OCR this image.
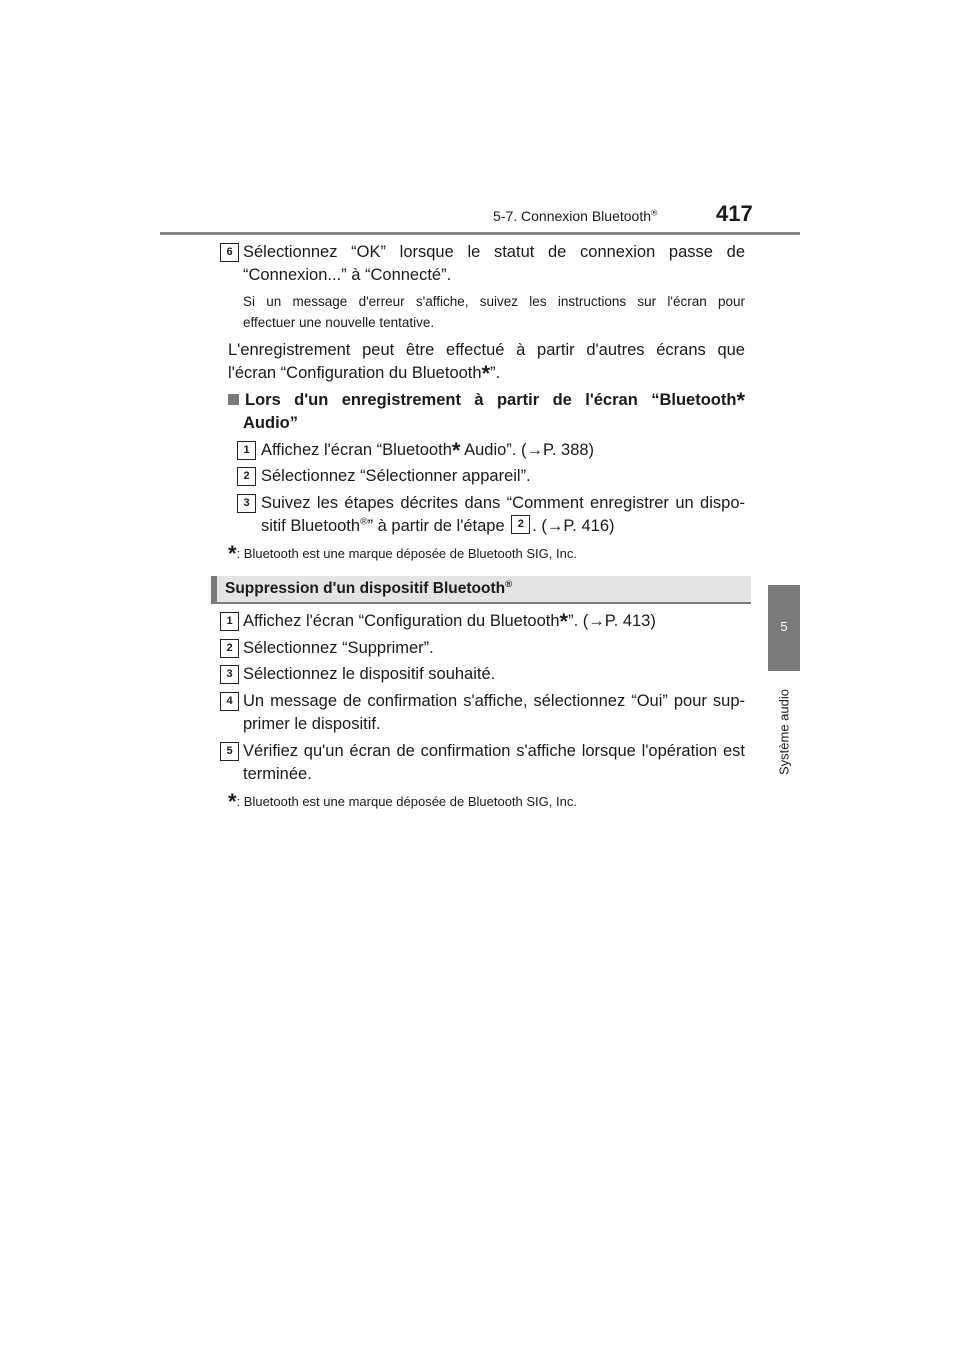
5-7. Connexion Bluetooth®	417
5
Système audio
6 Sélectionnez “OK” lorsque le statut de connexion passe de
“Connexion...” à “Connecté”.
Si un message d'erreur s'affiche, suivez les instructions sur l'écran pour
effectuer une nouvelle tentative.
L'enregistrement peut être effectué à partir d'autres écrans que
l'écran “Configuration du Bluetooth*”.
Lors d'un enregistrement à partir de l'écran “Bluetooth*
Audio”
1 Affichez l'écran “Bluetooth* Audio”. (→P. 388)
2 Sélectionnez “Sélectionner appareil”.
3 Suivez les étapes décrites dans “Comment enregistrer un dispo-
sitif Bluetooth®” à partir de l'étape 2 . (→P. 416)
*: Bluetooth est une marque déposée de Bluetooth SIG, Inc.
Suppression d'un dispositif Bluetooth®
1 Affichez l'écran “Configuration du Bluetooth*”. (→P. 413)
2 Sélectionnez “Supprimer”.
3 Sélectionnez le dispositif souhaité.
4 Un message de confirmation s'affiche, sélectionnez “Oui” pour sup-
primer le dispositif.
5 Vérifiez qu'un écran de confirmation s'affiche lorsque l'opération est
terminée.
*: Bluetooth est une marque déposée de Bluetooth SIG, Inc.
